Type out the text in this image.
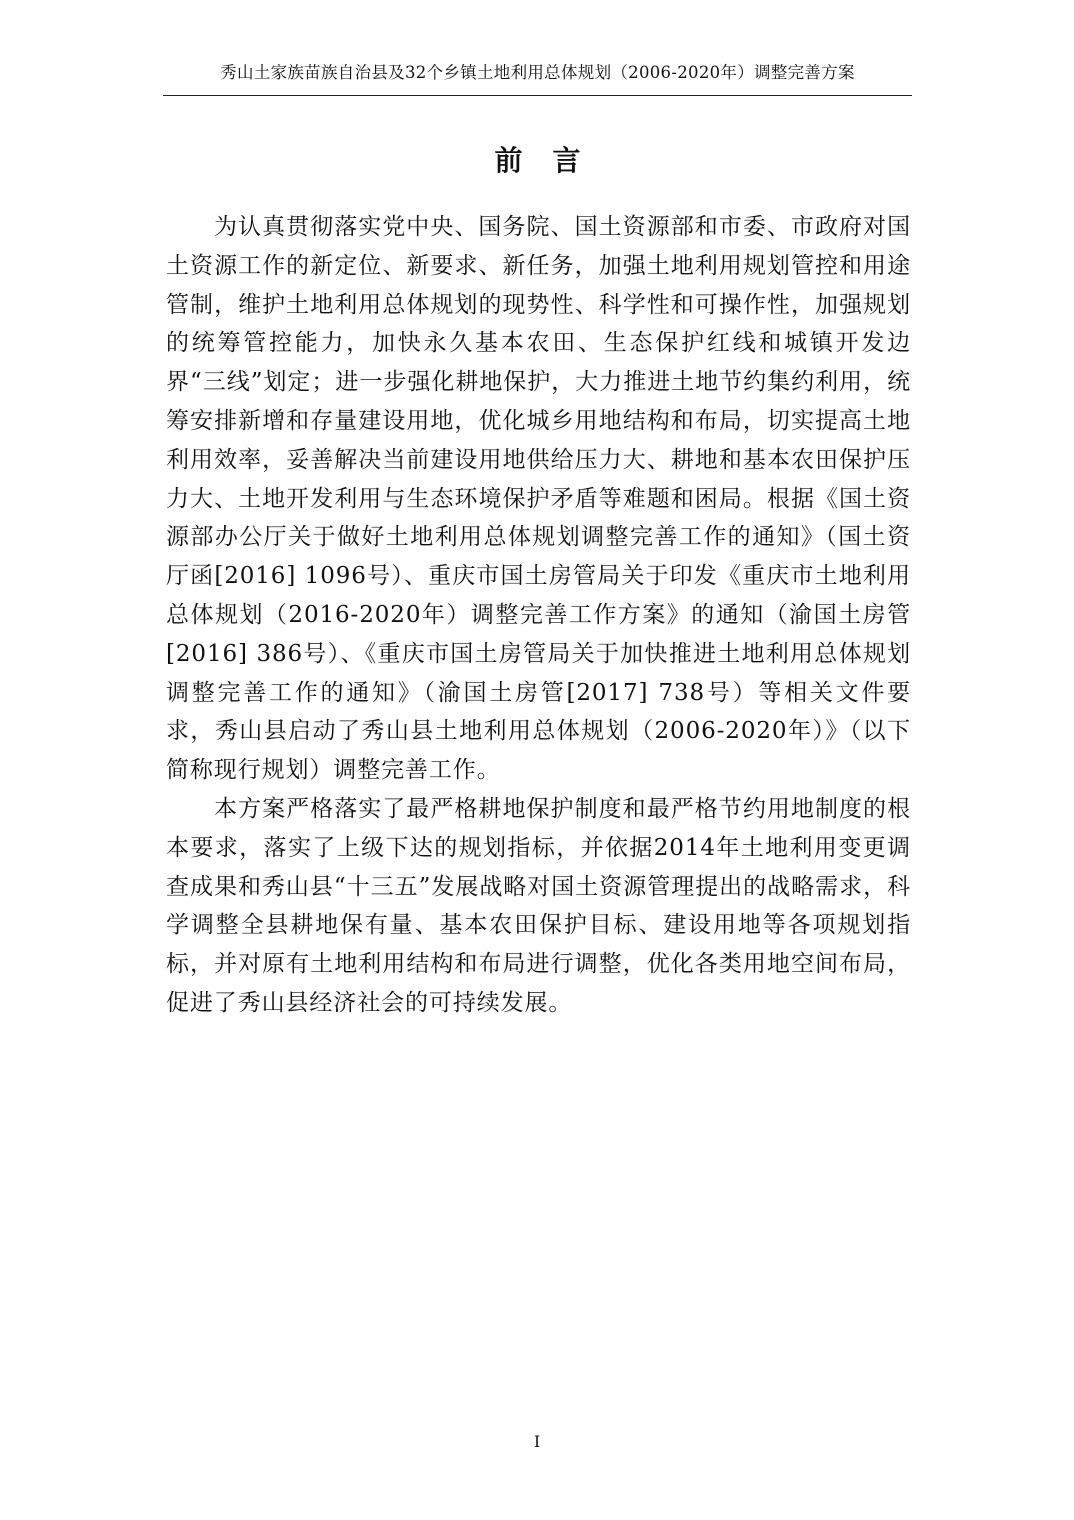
秀山土家族苗族自治县及32个乡镇土地利用总体规划（2006-2020年）调整完善方案
前言

为认真贯彻落实党中央、国务院、国土资源部和市委、市政府对国土资源工作的新定位、新要求、新任务，加强土地利用规划管控和用途管制，维护土地利用总体规划的现势性、科学性和可操作性，加强规划的统筹管控能力，加快永久基本农田、生态保护红线和城镇开发边界“三线”划定；进一步强化耕地保护，大力推进土地节约集约利用，统筹安排新增和存量建设用地，优化城乡用地结构和布局，切实提高土地利用效率，妥善解决当前建设用地供给压力大、耕地和基本农田保护压力大、土地开发利用与生态环境保护矛盾等难题和困局。根据《国土资源部办公厅关于做好土地利用总体规划调整完善工作的通知》（国土资厅函[2016] 1096号）、重庆市国土房管局关于印发《重庆市土地利用总体规划（2016-2020年）调整完善工作方案》的通知（渝国土房管[2016] 386号）、《重庆市国土房管局关于加快推进土地利用总体规划调整完善工作的通知》（渝国土房管[2017] 738号）等相关文件要求，秀山县启动了秀山县土地利用总体规划（2006-2020年）》（以下简称现行规划）调整完善工作。

本方案严格落实了最严格耕地保护制度和最严格节约用地制度的根本要求，落实了上级下达的规划指标，并依据2014年土地利用变更调查成果和秀山县“十三五”发展战略对国土资源管理提出的战略需求，科学调整全县耕地保有量、基本农田保护目标、建设用地等各项规划指标，并对原有土地利用结构和布局进行调整，优化各类用地空间布局，促进了秀山县经济社会的可持续发展。

I
